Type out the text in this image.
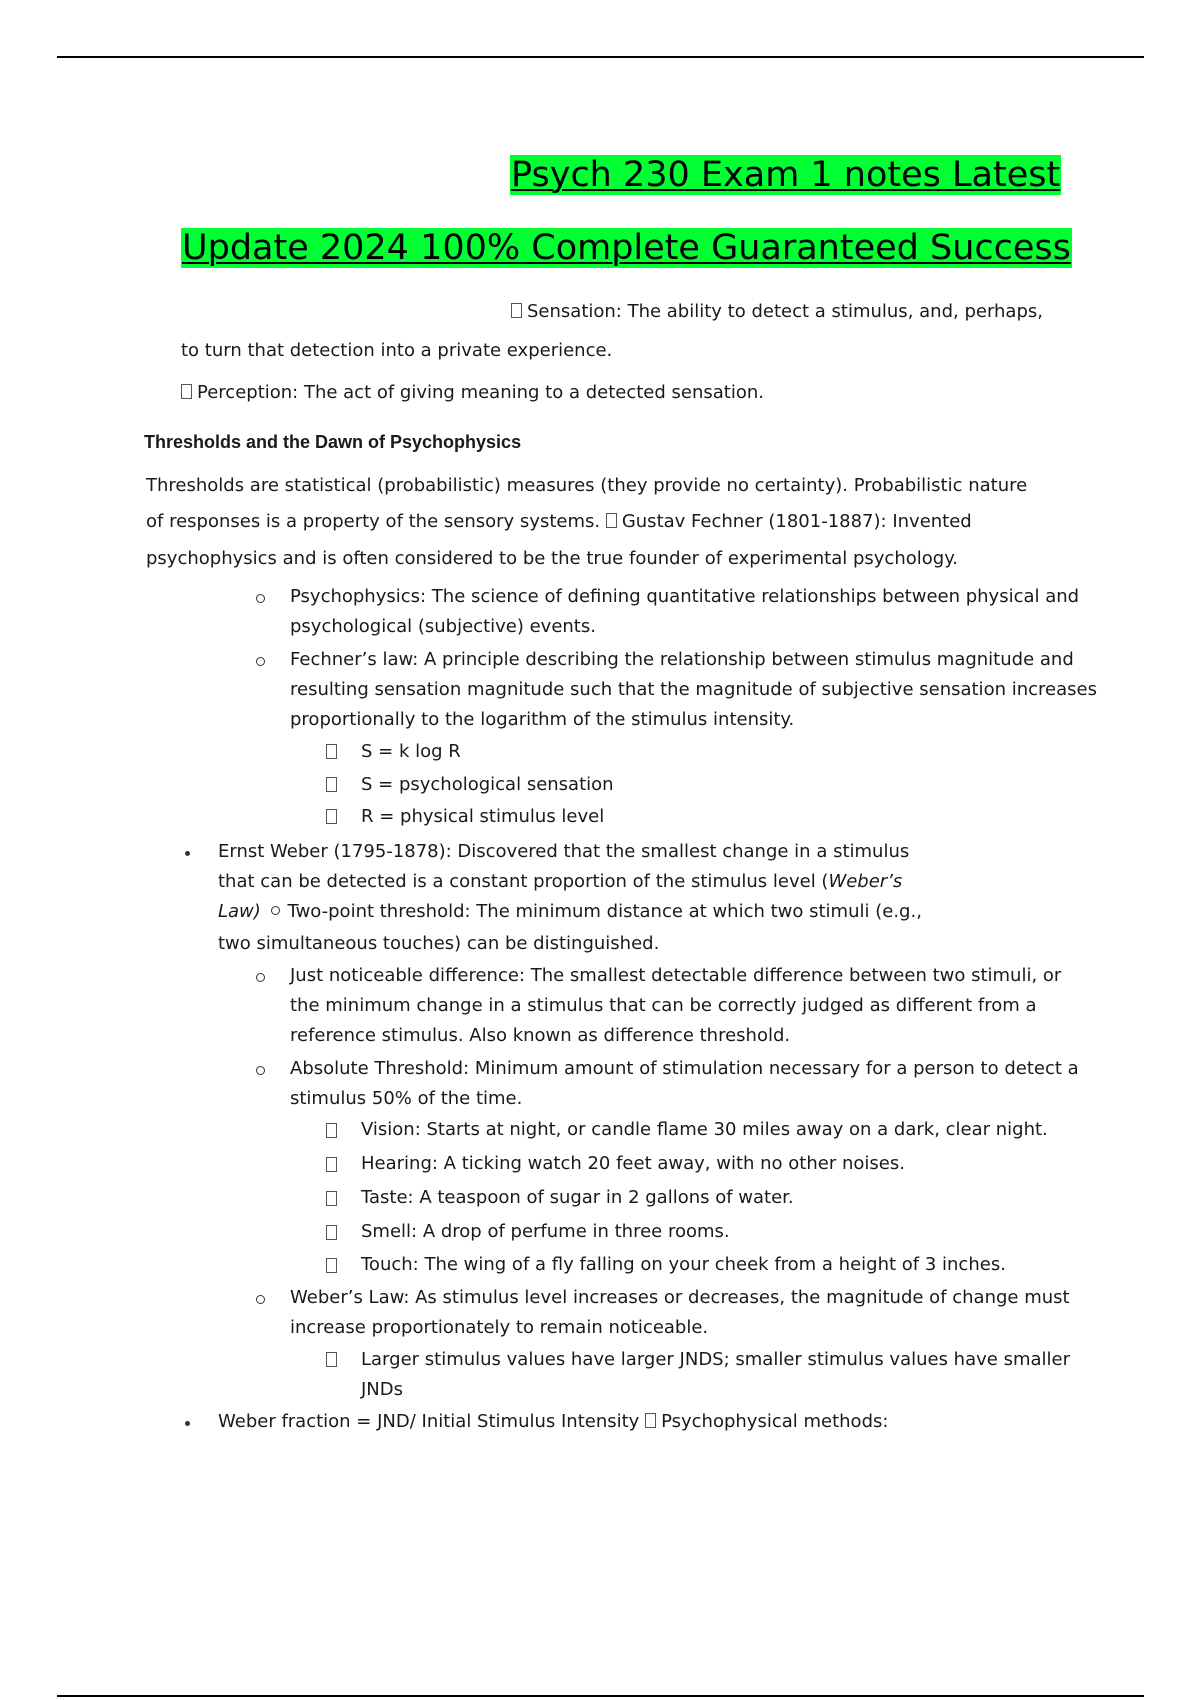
Psych 230 Exam 1 notes Latest
Update 2024 100% Complete Guaranteed Success
Sensation: The ability to detect a stimulus, and, perhaps,
to turn that detection into a private experience.
Perception: The act of giving meaning to a detected sensation.
Thresholds and the Dawn of Psychophysics
Thresholds are statistical (probabilistic) measures (they provide no certainty). Probabilistic nature
of responses is a property of the sensory systems. Gustav Fechner (1801-1887): Invented
psychophysics and is often considered to be the true founder of experimental psychology.
Psychophysics: The science of defining quantitative relationships between physical and
psychological (subjective) events.
Fechner’s law: A principle describing the relationship between stimulus magnitude and
resulting sensation magnitude such that the magnitude of subjective sensation increases
proportionally to the logarithm of the stimulus intensity.
S = k log R
S = psychological sensation
R = physical stimulus level
Ernst Weber (1795-1878): Discovered that the smallest change in a stimulus
that can be detected is a constant proportion of the stimulus level (Weber’s
Law) Two-point threshold: The minimum distance at which two stimuli (e.g.,
two simultaneous touches) can be distinguished.
Just noticeable difference: The smallest detectable difference between two stimuli, or
the minimum change in a stimulus that can be correctly judged as different from a
reference stimulus. Also known as difference threshold.
Absolute Threshold: Minimum amount of stimulation necessary for a person to detect a
stimulus 50% of the time.
Vision: Starts at night, or candle flame 30 miles away on a dark, clear night.
Hearing: A ticking watch 20 feet away, with no other noises.
Taste: A teaspoon of sugar in 2 gallons of water.
Smell: A drop of perfume in three rooms.
Touch: The wing of a fly falling on your cheek from a height of 3 inches.
Weber’s Law: As stimulus level increases or decreases, the magnitude of change must
increase proportionately to remain noticeable.
Larger stimulus values have larger JNDS; smaller stimulus values have smaller
JNDs
Weber fraction = JND/ Initial Stimulus Intensity Psychophysical methods:
